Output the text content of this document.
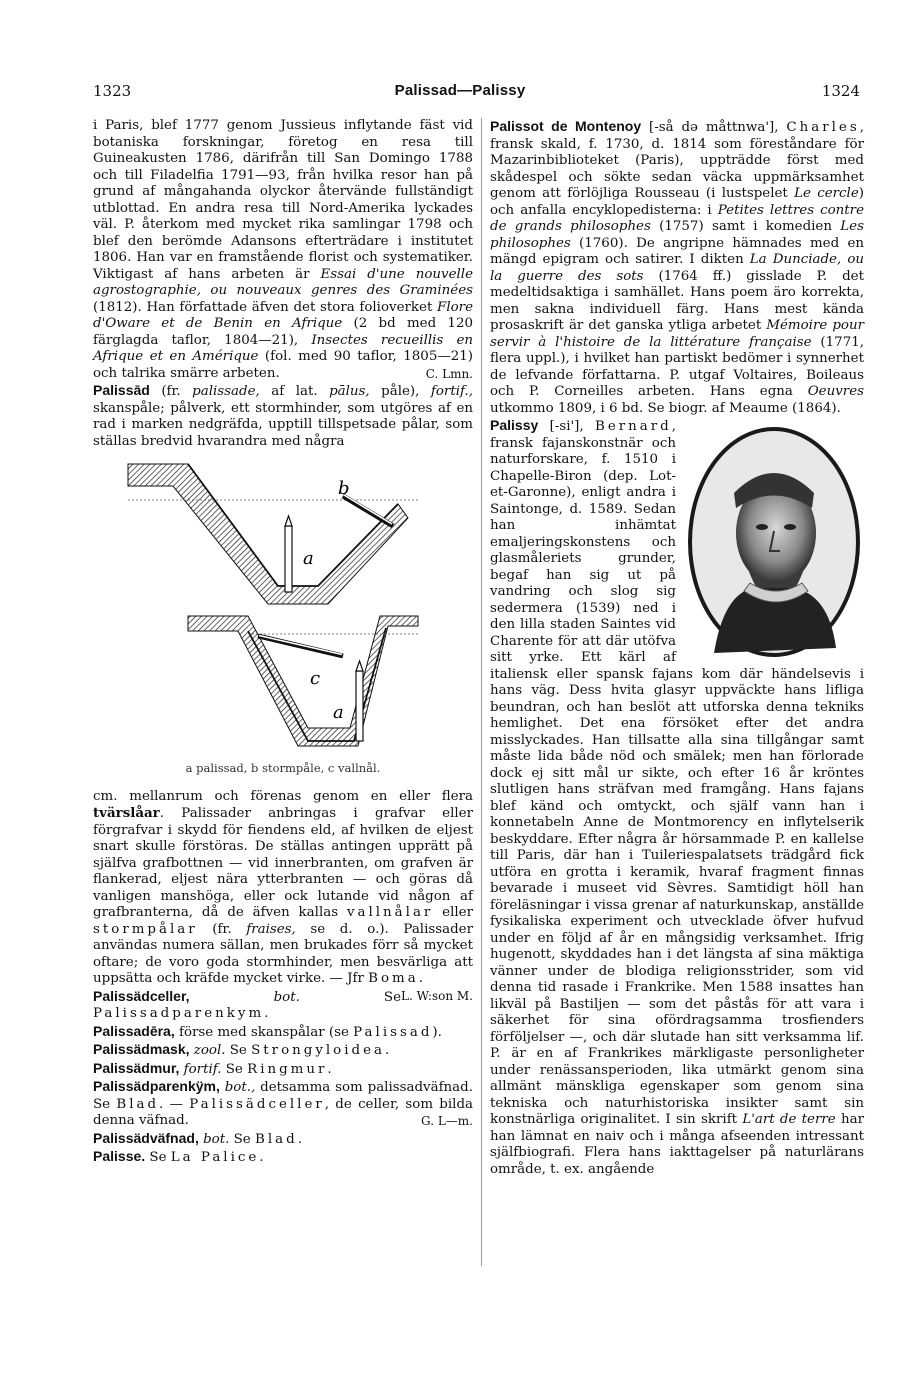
1323	Palissad—Palissy	1324

i Paris, blef 1777 genom Jussieus inflytande fäst vid botaniska forskningar, företog en resa till Guineakusten 1786, därifrån till San Domingo 1788 och till Filadelfia 1791—93, från hvilka resor han på grund af mångahanda olyckor återvände fullständigt utblottad. En andra resa till Nord-Amerika lyckades väl. P. återkom med mycket rika samlingar 1798 och blef den berömde Adansons efterträdare i institutet 1806. Han var en framstående florist och systematiker. Viktigast af hans arbeten är Essai d'une nouvelle agrostographie, ou nouveaux genres des Graminées (1812). Han författade äfven det stora folioverket Flore d'Oware et de Benin en Afrique (2 bd med 120 färglagda taflor, 1804—21), Insectes recueillis en Afrique et en Amérique (fol. med 90 taflor, 1805—21) och talrika smärre arbeten.	C. Lmn.

Palissād (fr. palissade, af lat. pālus, påle), fortif., skanspåle; pålverk, ett stormhinder, som utgöres af en rad i marken nedgräfda, upptill tillspetsade pålar, som ställas bredvid hvarandra med några

a
b
c
a
a palissad, b stormpåle, c vallnål.

cm. mellanrum och förenas genom en eller flera tvärslåar. Palissader anbringas i grafvar eller förgrafvar i skydd för fiendens eld, af hvilken de eljest snart skulle förstöras. De ställas antingen upprätt på själfva grafbottnen — vid innerbranten, om grafven är flankerad, eljest nära ytterbranten — och göras då vanligen manshöga, eller ock lutande vid någon af grafbranterna, då de äfven kallas vallnålar eller stormpålar (fr. fraises, se d. o.). Palissader användas numera sällan, men brukades förr så mycket oftare; de voro goda stormhinder, men besvärliga att uppsätta och kräfde mycket virke. — Jfr Boma.
L. W:son M.

Palissädceller,	bot. Se Palissadparenkym.

Palissadēra, förse med skanspålar (se Palissad).

Palissädmask, zool. Se Strongyloidea.

Palissädmur, fortif. Se Ringmur.

Palissädparenkÿm, bot., detsamma som palissadväfnad. Se Blad. — Palissädceller, de celler, som bilda denna väfnad.	G. L—m.

Palissädväfnad, bot. Se Blad.

Palisse. Se La Palice.

Palissot de Montenoy [-så də måttnwa'], Charles, fransk skald, f. 1730, d. 1814 som föreståndare för Mazarinbiblioteket (Paris), uppträdde först med skådespel och sökte sedan väcka uppmärksamhet genom att förlöjliga Rousseau (i lustspelet Le cercle) och anfalla encyklopedisterna: i Petites lettres contre de grands philosophes (1757) samt i komedien Les philosophes (1760). De angripne hämnades med en mängd epigram och satirer. I dikten La Dunciade, ou la guerre des sots (1764 ff.) gisslade P. det medeltidsaktiga i samhället. Hans poem äro korrekta, men sakna individuell färg. Hans mest kända prosaskrift är det ganska ytliga arbetet Mémoire pour servir à l'histoire de la littérature française (1771, flera uppl.), i hvilket han partiskt bedömer i synnerhet de lefvande författarna. P. utgaf Voltaires, Boileaus och P. Corneilles arbeten. Hans egna Oeuvres utkommo 1809, i 6 bd. Se biogr. af Meaume (1864).

Palissy [-si'], Bernard, fransk fajanskonstnär och naturforskare, f. 1510 i Chapelle-Biron (dep. Lot-et-Garonne), enligt andra i Saintonge, d. 1589. Sedan han inhämtat emaljeringskonstens och glasmåleriets grunder, begaf han sig ut på vandring och slog sig sedermera (1539) ned i den lilla staden Saintes vid Charente för att där utöfva sitt yrke. Ett kärl af italiensk eller spansk fajans kom där händelsevis i hans väg. Dess hvita glasyr uppväckte hans lifliga beundran, och han beslöt att utforska denna tekniks hemlighet. Det ena försöket efter det andra misslyckades. Han tillsatte alla sina tillgångar samt måste lida både nöd och smälek; men han förlorade dock ej sitt mål ur sikte, och efter 16 år kröntes slutligen hans sträfvan med framgång. Hans fajans blef känd och omtyckt, och själf vann han i konnetabeln Anne de Montmorency en inflytelserik beskyddare. Efter några år hörsammade P. en kallelse till Paris, där han i Tuileriespalatsets trädgård fick utföra en grotta i keramik, hvaraf fragment finnas bevarade i museet vid Sèvres. Samtidigt höll han föreläsningar i vissa grenar af naturkunskap, anställde fysikaliska experiment och utvecklade öfver hufvud under en följd af år en mångsidig verksamhet. Ifrig hugenott, skyddades han i det längsta af sina mäktiga vänner under de blodiga religionsstrider, som vid denna tid rasade i Frankrike. Men 1588 insattes han likväl på Bastiljen — som det påstås för att vara i säkerhet för sina ofördragsamma trosfienders förföljelser —, och där slutade han sitt verksamma lif. P. är en af Frankrikes märkligaste personligheter under renässansperioden, lika utmärkt genom sina allmänt mänskliga egenskaper som genom sina tekniska och naturhistoriska insikter samt sin konstnärliga originalitet. I sin skrift L'art de terre har han lämnat en naiv och i många afseenden intressant själfbiografi. Flera hans iakttagelser på naturlärans område, t. ex. angående
